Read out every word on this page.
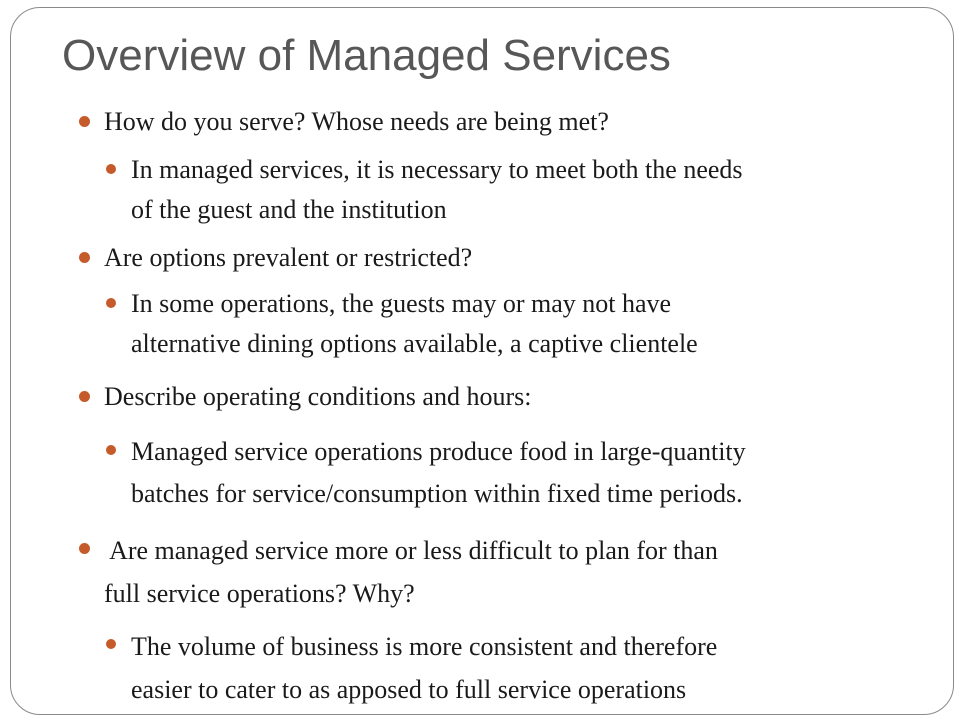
Overview of Managed Services
How do you serve? Whose needs are being met?
In managed services, it is necessary to meet both the needs
of the guest and the institution
Are options prevalent or restricted?
In some operations, the guests may or may not have
alternative dining options available, a captive clientele
Describe operating conditions and hours:
Managed service operations produce food in large-quantity
batches for service/consumption within fixed time periods.
Are managed service more or less difficult to plan for than
full service operations? Why?
The volume of business is more consistent and therefore
easier to cater to as apposed to full service operations
